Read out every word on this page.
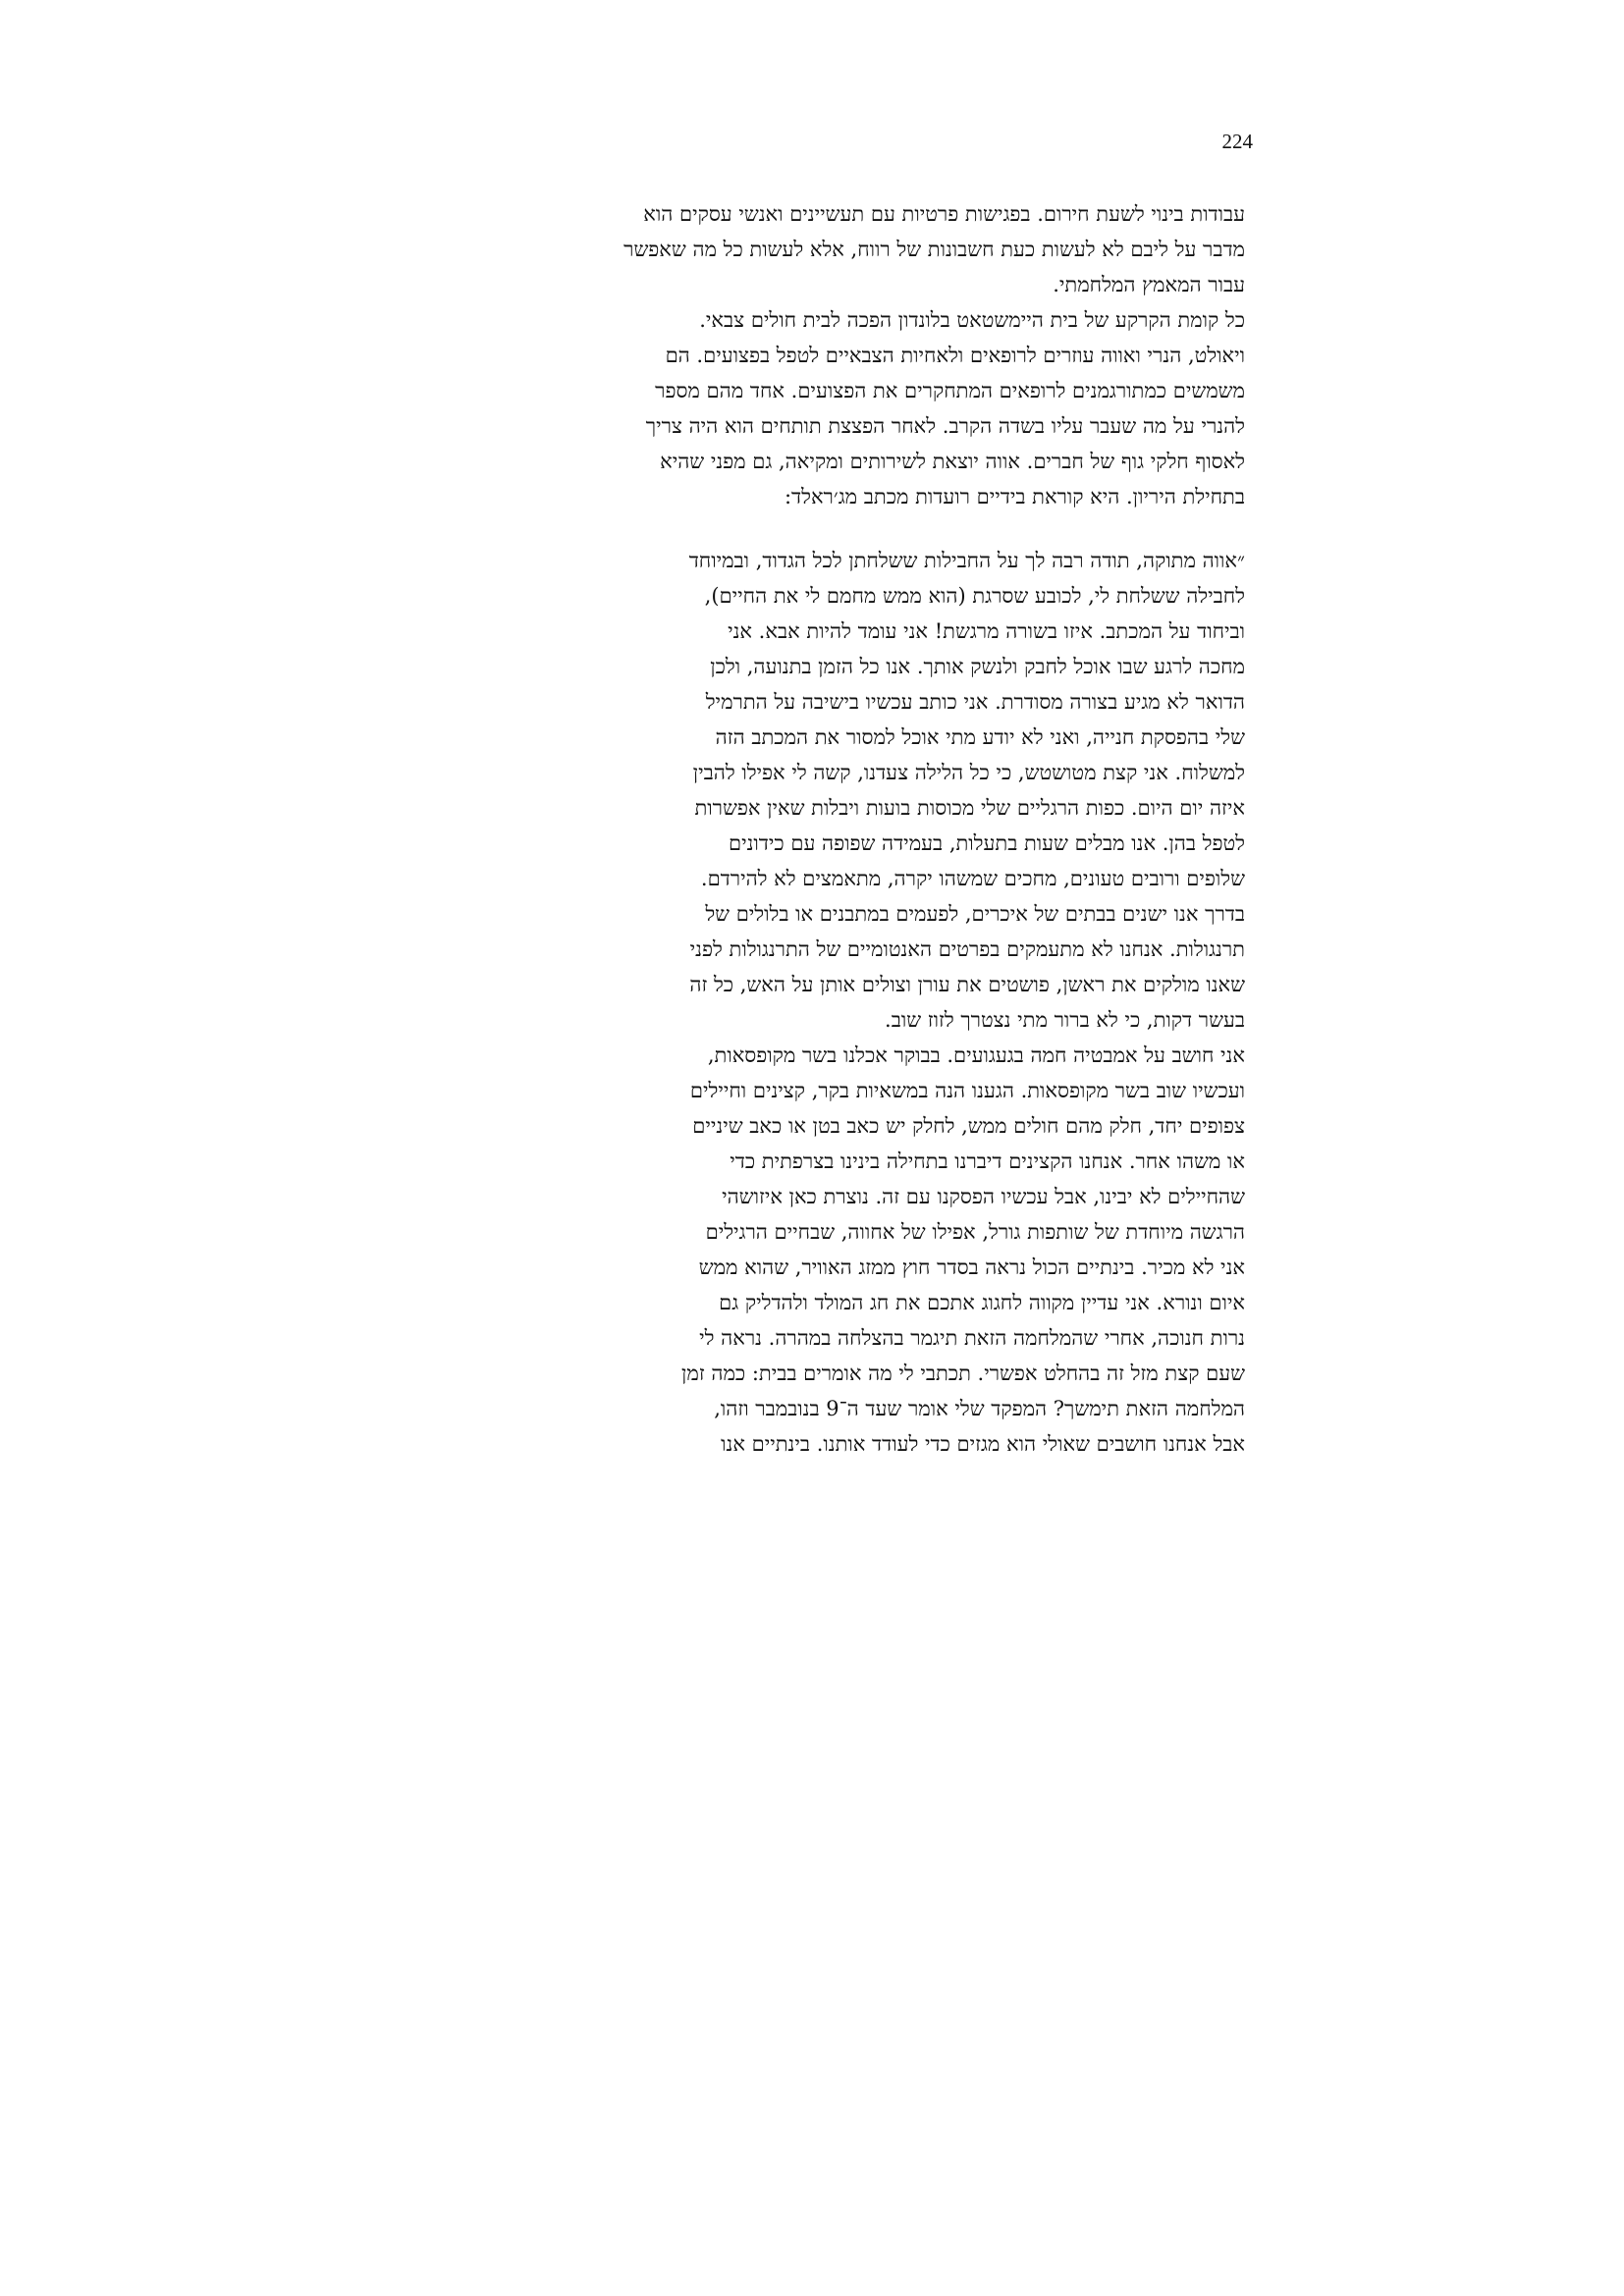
224
עבודות בינוי לשעת חירום. בפגישות פרטיות עם תעשיינים ואנשי עסקים הוא
מדבר על ליבם לא לעשות כעת חשבונות של רווח, אלא לעשות כל מה שאפשר
עבור המאמץ המלחמתי.
כל קומת הקרקע של בית היימשטאט בלונדון הפכה לבית חולים צבאי.
ויאולט, הנרי ואווה עוזרים לרופאים ולאחיות הצבאיים לטפל בפצועים. הם
משמשים כמתורגמנים לרופאים המתחקרים את הפצועים. אחד מהם מספר
להנרי על מה שעבר עליו בשדה הקרב. לאחר הפצצת תותחים הוא היה צריך
לאסוף חלקי גוף של חברים. אווה יוצאת לשירותים ומקיאה, גם מפני שהיא
בתחילת היריון. היא קוראת בידיים רועדות מכתב מג׳ראלד:
״אווה מתוקה, תודה רבה לך על החבילות ששלחתן לכל הגדוד, ובמיוחד
לחבילה ששלחת לי, לכובע שסרגת (הוא ממש מחמם לי את החיים),
וביחוד על המכתב. איזו בשורה מרגשת! אני עומד להיות אבא. אני
מחכה לרגע שבו אוכל לחבק ולנשק אותך. אנו כל הזמן בתנועה, ולכן
הדואר לא מגיע בצורה מסודרת. אני כותב עכשיו בישיבה על התרמיל
שלי בהפסקת חנייה, ואני לא יודע מתי אוכל למסור את המכתב הזה
למשלוח. אני קצת מטושטש, כי כל הלילה צעדנו, קשה לי אפילו להבין
איזה יום היום. כפות הרגליים שלי מכוסות בועות ויבלות שאין אפשרות
לטפל בהן. אנו מבלים שעות בתעלות, בעמידה שפופה עם כידונים
שלופים ורובים טעונים, מחכים שמשהו יקרה, מתאמצים לא להירדם.
בדרך אנו ישנים בבתים של איכרים, לפעמים במתבנים או בלולים של
תרנגולות. אנחנו לא מתעמקים בפרטים האנטומיים של התרנגולות לפני
שאנו מולקים את ראשן, פושטים את עורן וצולים אותן על האש, כל זה
בעשר דקות, כי לא ברור מתי נצטרך לזוז שוב.
אני חושב על אמבטיה חמה בגעגועים. בבוקר אכלנו בשר מקופסאות,
ועכשיו שוב בשר מקופסאות. הגענו הנה במשאיות בקר, קצינים וחיילים
צפופים יחד, חלק מהם חולים ממש, לחלק יש כאב בטן או כאב שיניים
או משהו אחר. אנחנו הקצינים דיברנו בתחילה בינינו בצרפתית כדי
שהחיילים לא יבינו, אבל עכשיו הפסקנו עם זה. נוצרת כאן איזושהי
הרגשה מיוחדת של שותפות גורל, אפילו של אחווה, שבחיים הרגילים
אני לא מכיר. בינתיים הכול נראה בסדר חוץ ממזג האוויר, שהוא ממש
איום ונורא. אני עדיין מקווה לחגוג אתכם את חג המולד ולהדליק גם
נרות חנוכה, אחרי שהמלחמה הזאת תיגמר בהצלחה במהרה. נראה לי
שעם קצת מזל זה בהחלט אפשרי. תכתבי לי מה אומרים בבית: כמה זמן
המלחמה הזאת תימשך? המפקד שלי אומר שעד ה־9 בנובמבר וזהו,
אבל אנחנו חושבים שאולי הוא מגזים כדי לעודד אותנו. בינתיים אנו
